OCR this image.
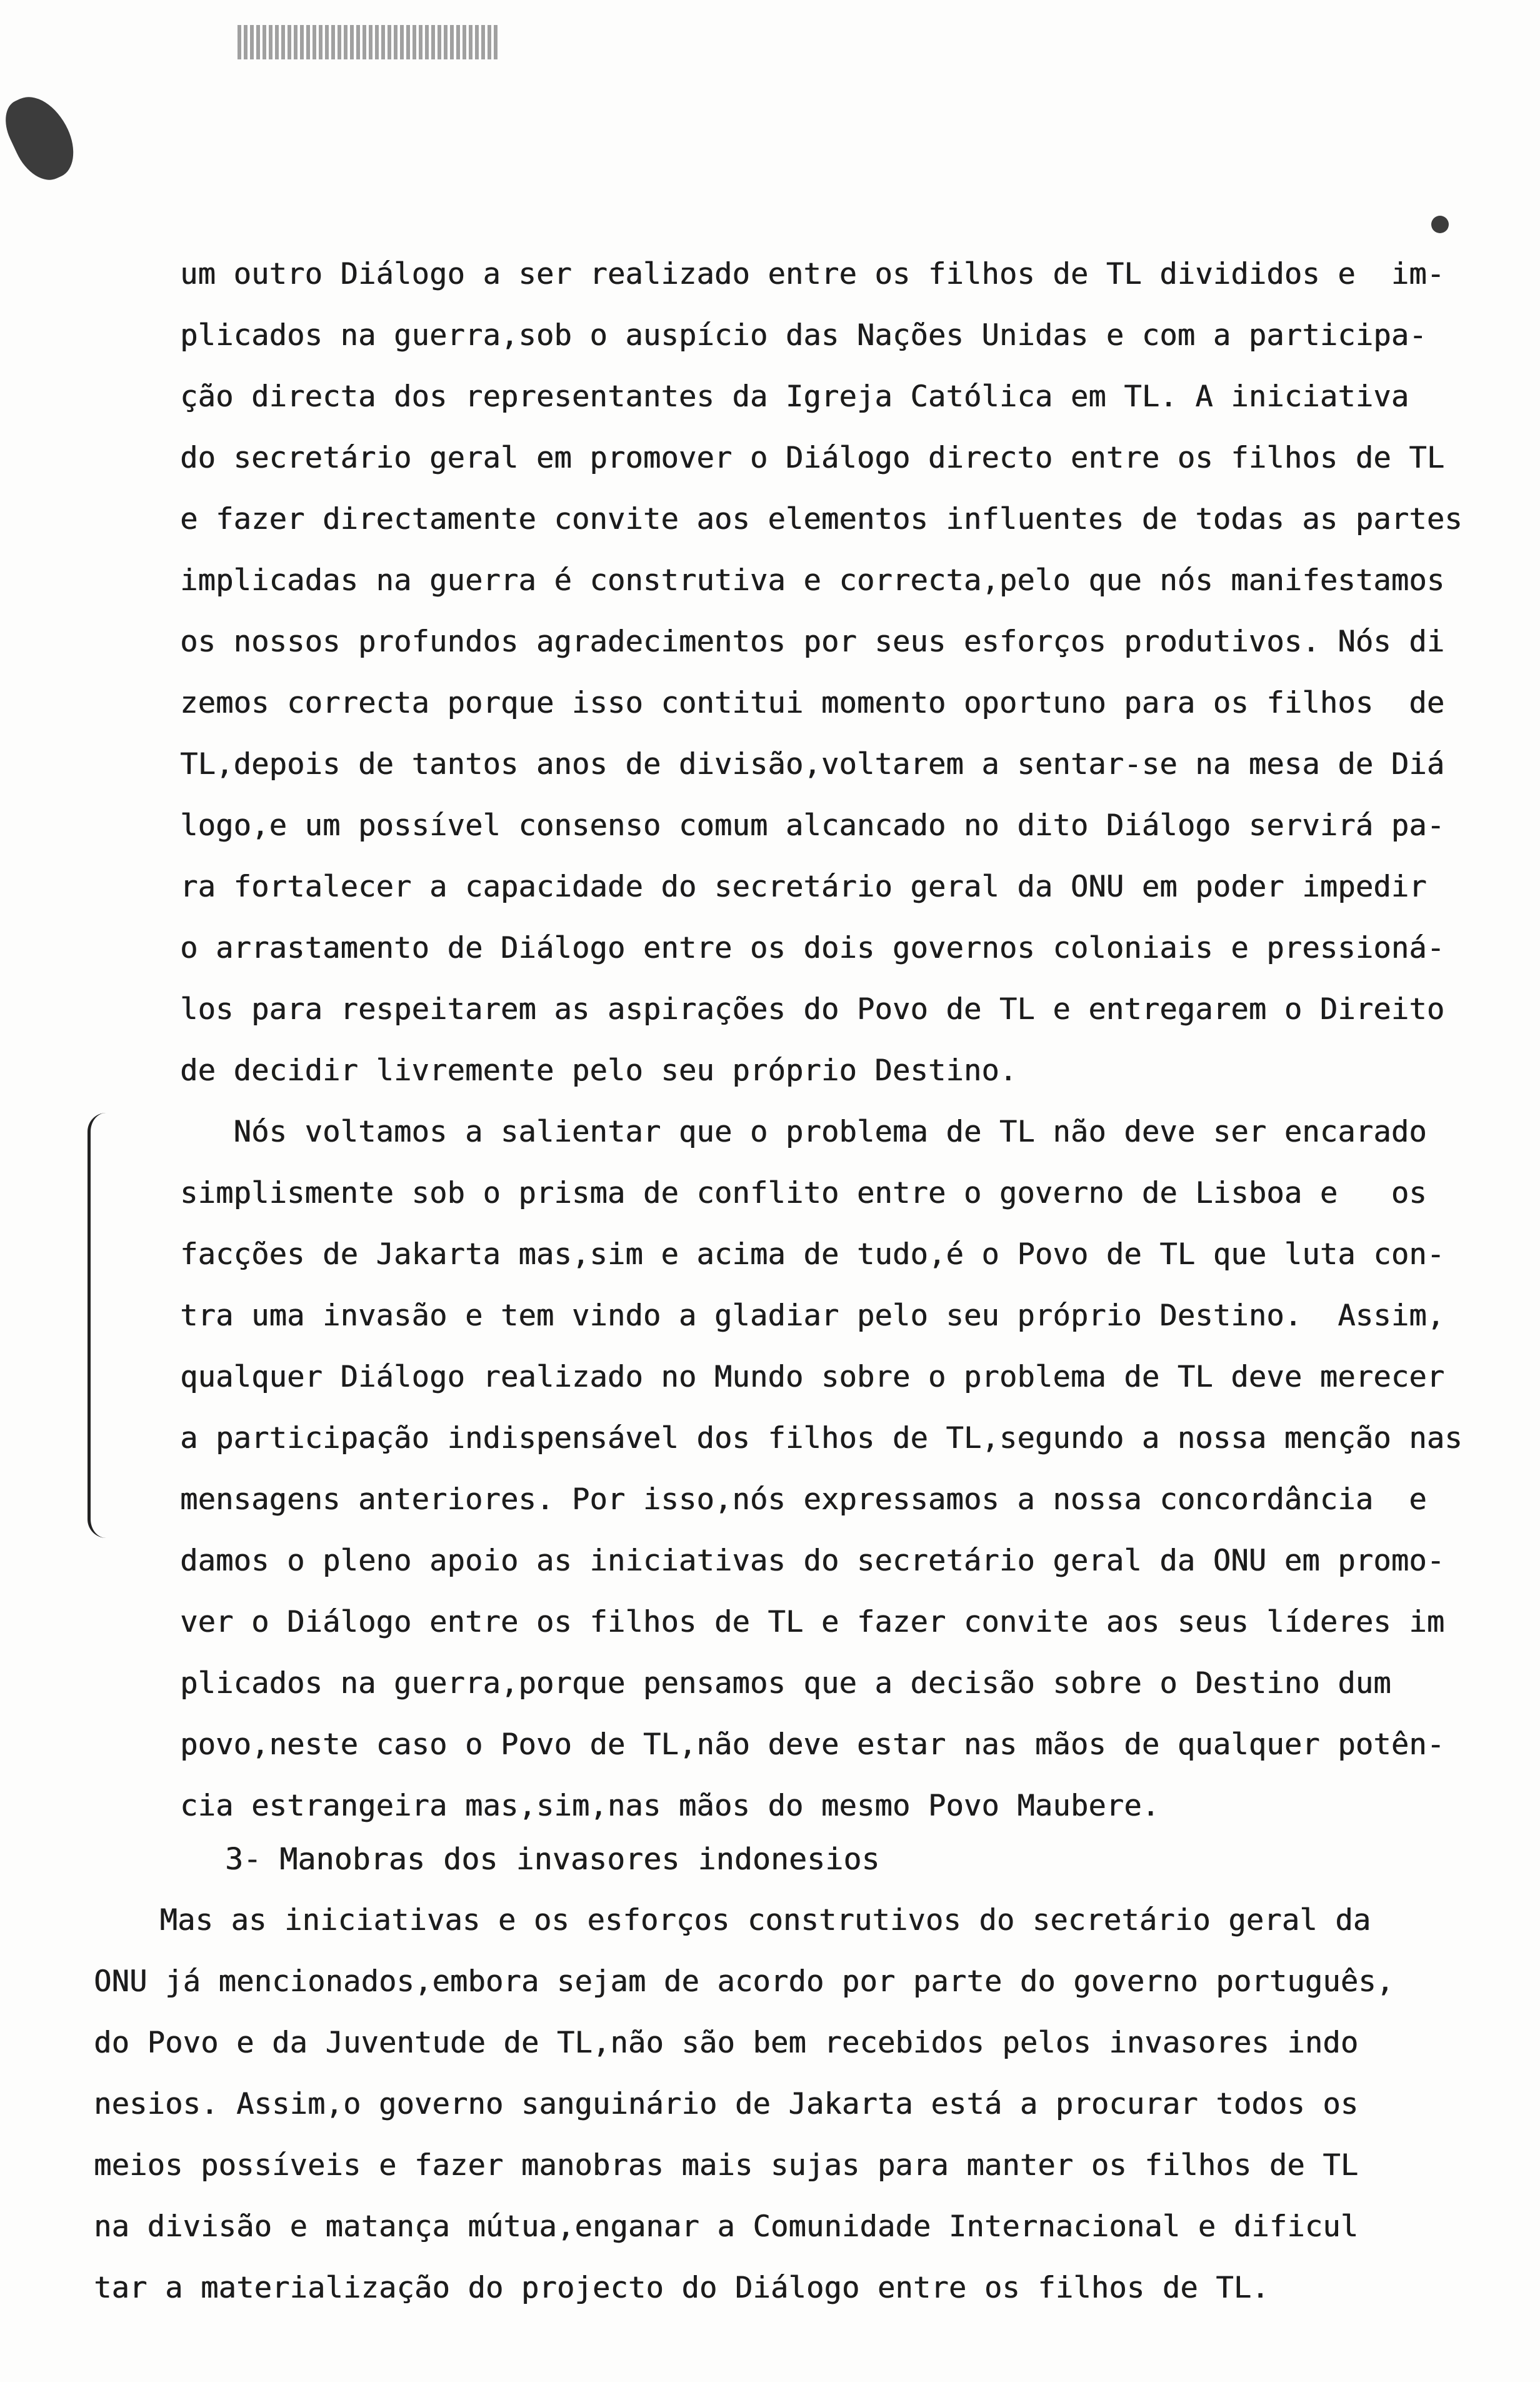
um outro Diálogo a ser realizado entre os filhos de TL divididos e  im-
plicados na guerra,sob o auspício das Nações Unidas e com a participa-
ção directa dos representantes da Igreja Católica em TL. A iniciativa
do secretário geral em promover o Diálogo directo entre os filhos de TL
e fazer directamente convite aos elementos influentes de todas as partes
implicadas na guerra é construtiva e correcta,pelo que nós manifestamos
os nossos profundos agradecimentos por seus esforços produtivos. Nós di
zemos correcta porque isso contitui momento oportuno para os filhos  de
TL,depois de tantos anos de divisão,voltarem a sentar-se na mesa de Diá
logo,e um possível consenso comum alcancado no dito Diálogo servirá pa-
ra fortalecer a capacidade do secretário geral da ONU em poder impedir
o arrastamento de Diálogo entre os dois governos coloniais e pressioná-
los para respeitarem as aspirações do Povo de TL e entregarem o Direito
de decidir livremente pelo seu próprio Destino.
Nós voltamos a salientar que o problema de TL não deve ser encarado
simplismente sob o prisma de conflito entre o governo de Lisboa e   os
facções de Jakarta mas,sim e acima de tudo,é o Povo de TL que luta con-
tra uma invasão e tem vindo a gladiar pelo seu próprio Destino.  Assim,
qualquer Diálogo realizado no Mundo sobre o problema de TL deve merecer
a participação indispensável dos filhos de TL,segundo a nossa menção nas
mensagens anteriores. Por isso,nós expressamos a nossa concordância  e
damos o pleno apoio as iniciativas do secretário geral da ONU em promo-
ver o Diálogo entre os filhos de TL e fazer convite aos seus líderes im
plicados na guerra,porque pensamos que a decisão sobre o Destino dum
povo,neste caso o Povo de TL,não deve estar nas mãos de qualquer potên-
cia estrangeira mas,sim,nas mãos do mesmo Povo Maubere.
3- Manobras dos invasores indonesios
Mas as iniciativas e os esforços construtivos do secretário geral da
ONU já mencionados,embora sejam de acordo por parte do governo português,
do Povo e da Juventude de TL,não são bem recebidos pelos invasores indo
nesios. Assim,o governo sanguinário de Jakarta está a procurar todos os
meios possíveis e fazer manobras mais sujas para manter os filhos de TL
na divisão e matança mútua,enganar a Comunidade Internacional e dificul
tar a materialização do projecto do Diálogo entre os filhos de TL.
